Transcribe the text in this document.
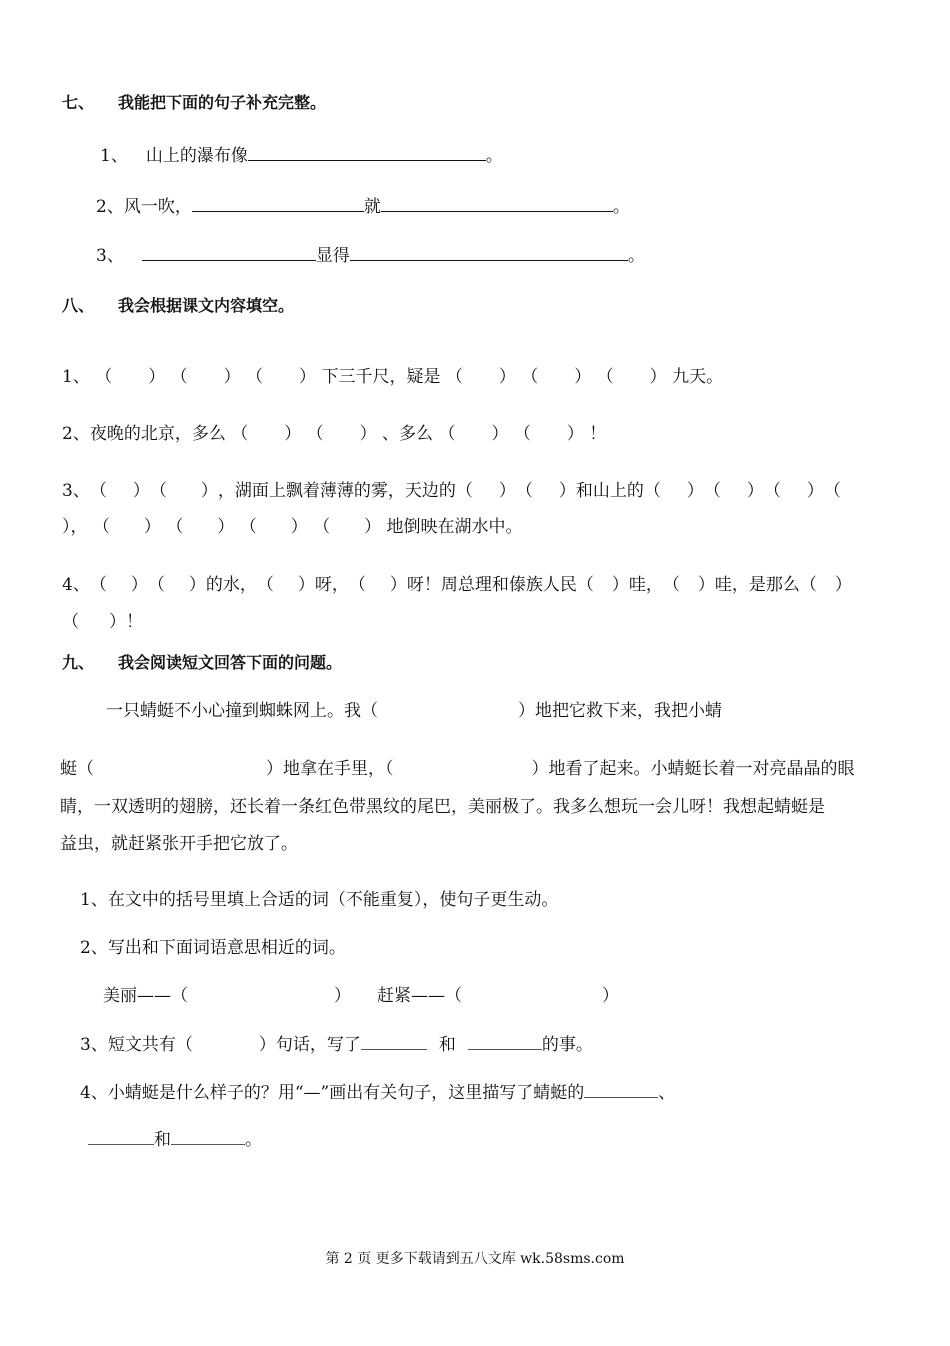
七、　　我能把下面的句子补充完整。
1、 山上的瀑布像	。
2、风一吹，	就	。
3、	显得	。
八、　　我会根据课文内容填空。
1、 （ ） （ ） （ ） 下三千尺，疑是 （ ） （ ） （ ） 九天。
2、夜晚的北京，多么 （ ） （ ） 、多么 （ ） （ ） ！
3、（ ）（ ），湖面上飘着薄薄的雾，天边的（ ）（ ）和山上的（ ）（ ）（ ）（
）， （ ） （ ） （ ） （ ） 地倒映在湖水中。
4、（ ）（ ）的水，（ ）呀，（ ）呀！周总理和傣族人民（ ）哇，（ ）哇，是那么（ ）
（ ）！
九、　　我会阅读短文回答下面的问题。
一只蜻蜓不小心撞到蜘蛛网上。我（	）地把它救下来，我把小蜻
蜓（	）地拿在手里，（	）地看了起来。小蜻蜓长着一对亮晶晶的眼
睛，一双透明的翅膀，还长着一条红色带黑纹的尾巴，美丽极了。我多么想玩一会儿呀！我想起蜻蜓是
益虫，就赶紧张开手把它放了。
1、在文中的括号里填上合适的词（不能重复），使句子更生动。
2、写出和下面词语意思相近的词。
美丽——（	） 赶紧——（	）
3、短文共有（	）句话，写了	和	的事。
4、小蜻蜓是什么样子的？用“—”画出有关句子，这里描写了蜻蜓的	、
和	。
第 2 页 更多下载请到五八文库 wk.58sms.com
